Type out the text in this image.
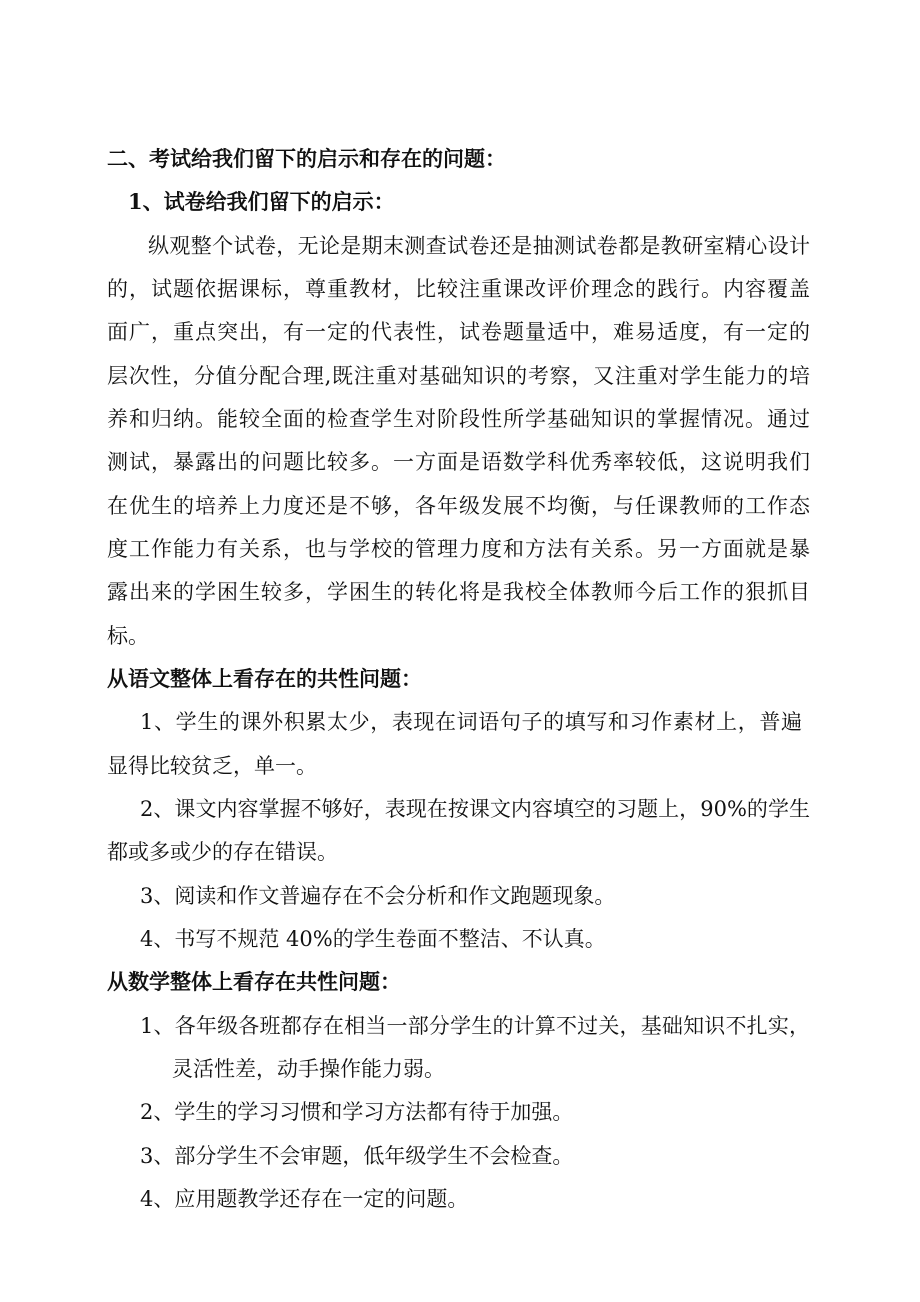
二、考试给我们留下的启示和存在的问题：
1、试卷给我们留下的启示：
纵观整个试卷，无论是期末测查试卷还是抽测试卷都是教研室精心设计
的，试题依据课标，尊重教材，比较注重课改评价理念的践行。内容覆盖
面广，重点突出，有一定的代表性，试卷题量适中，难易适度，有一定的
层次性，分值分配合理,既注重对基础知识的考察，又注重对学生能力的培
养和归纳。能较全面的检查学生对阶段性所学基础知识的掌握情况。通过
测试，暴露出的问题比较多。一方面是语数学科优秀率较低，这说明我们
在优生的培养上力度还是不够，各年级发展不均衡，与任课教师的工作态
度工作能力有关系，也与学校的管理力度和方法有关系。另一方面就是暴
露出来的学困生较多，学困生的转化将是我校全体教师今后工作的狠抓目
标。
从语文整体上看存在的共性问题：
1、学生的课外积累太少，表现在词语句子的填写和习作素材上，普遍
显得比较贫乏，单一。
2、课文内容掌握不够好，表现在按课文内容填空的习题上，90%的学生
都或多或少的存在错误。
3、阅读和作文普遍存在不会分析和作文跑题现象。
4、书写不规范 40%的学生卷面不整洁、不认真。
从数学整体上看存在共性问题：
1、各年级各班都存在相当一部分学生的计算不过关，基础知识不扎实，
灵活性差，动手操作能力弱。
2、学生的学习习惯和学习方法都有待于加强。
3、部分学生不会审题，低年级学生不会检查。
4、应用题教学还存在一定的问题。
